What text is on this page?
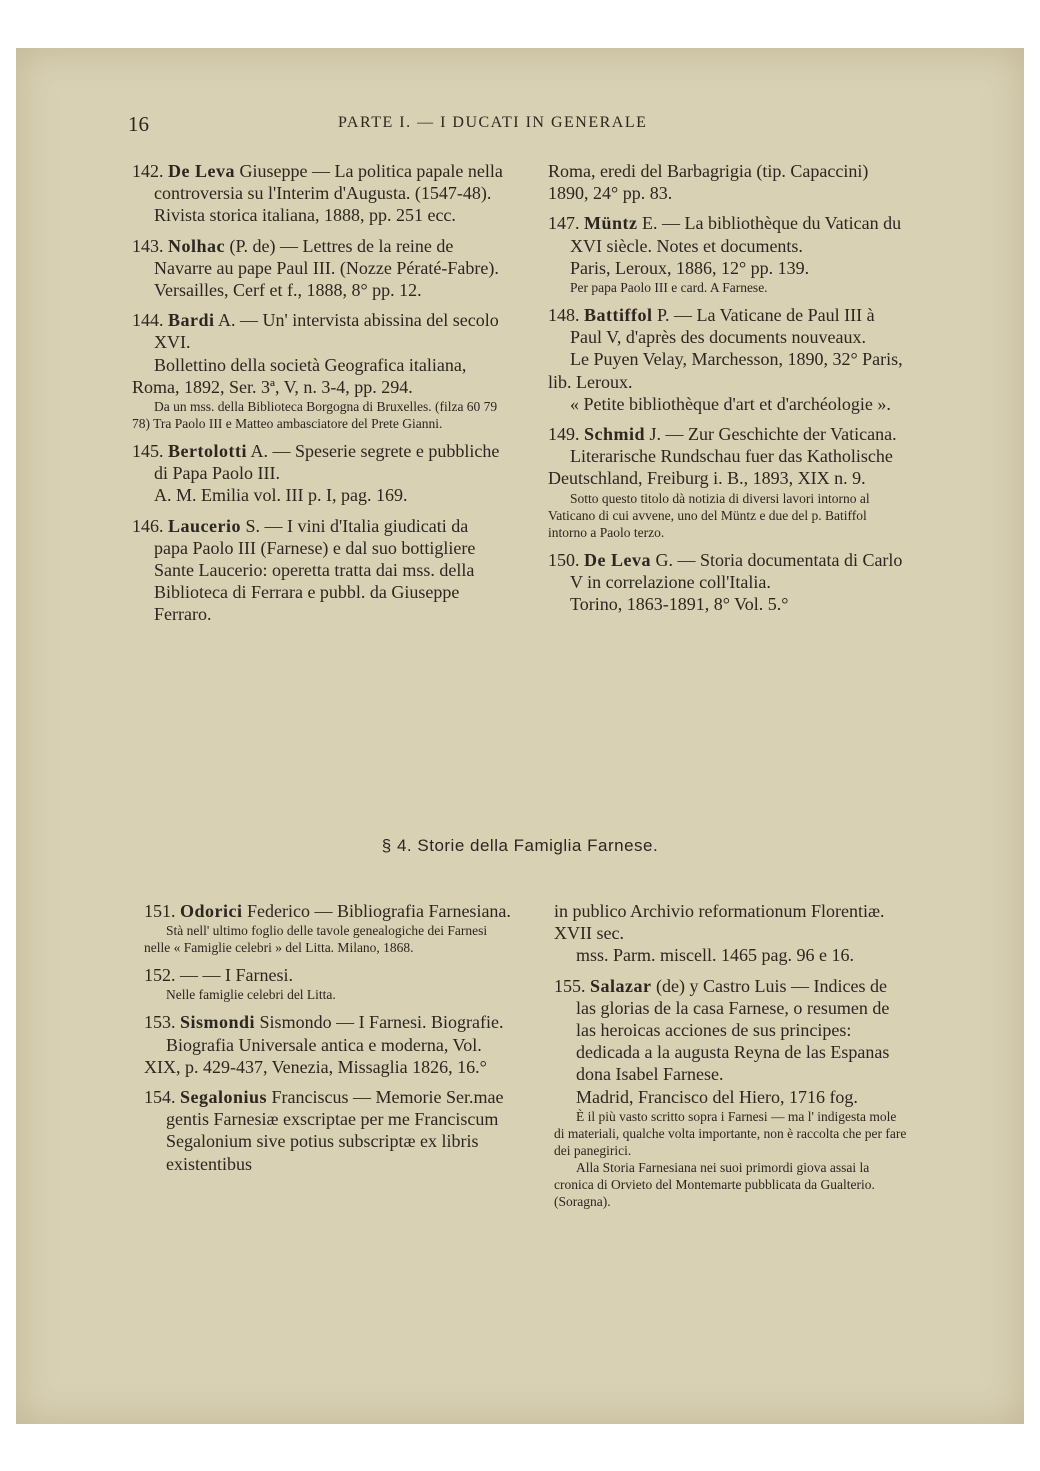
16	PARTE I. — I DUCATI IN GENERALE

142. De Leva Giuseppe — La politica papale nella controversia su l'Interim d'Augusta. (1547-48).

Rivista storica italiana, 1888, pp. 251 ecc.

143. Nolhac (P. de) — Lettres de la reine de Navarre au pape Paul III. (Nozze Pératé-Fabre).

Versailles, Cerf et f., 1888, 8° pp. 12.

144. Bardi A. — Un' intervista abissina del secolo XVI.

Bollettino della società Geografica italiana, Roma, 1892, Ser. 3ª, V, n. 3-4, pp. 294.

Da un mss. della Biblioteca Borgogna di Bruxelles. (filza 60 79 78) Tra Paolo III e Matteo ambasciatore del Prete Gianni.

145. Bertolotti A. — Speserie segrete e pubbliche di Papa Paolo III.

A. M. Emilia vol. III p. I, pag. 169.

146. Laucerio S. — I vini d'Italia giudicati da papa Paolo III (Farnese) e dal suo bottigliere Sante Laucerio: operetta tratta dai mss. della Biblioteca di Ferrara e pubbl. da Giuseppe Ferraro.

Roma, eredi del Barbagrigia (tip. Capaccini) 1890, 24° pp. 83.

147. Müntz E. — La bibliothèque du Vatican du XVI siècle. Notes et documents.

Paris, Leroux, 1886, 12° pp. 139.

Per papa Paolo III e card. A Farnese.

148. Battiffol P. — La Vaticane de Paul III à Paul V, d'après des documents nouveaux.

Le Puyen Velay, Marchesson, 1890, 32° Paris, lib. Leroux.

« Petite bibliothèque d'art et d'archéologie ».

149. Schmid J. — Zur Geschichte der Vaticana.

Literarische Rundschau fuer das Katholische Deutschland, Freiburg i. B., 1893, XIX n. 9.

Sotto questo titolo dà notizia di diversi lavori intorno al Vaticano di cui avvene, uno del Müntz e due del p. Batiffol intorno a Paolo terzo.

150. De Leva G. — Storia documentata di Carlo V in correlazione coll'Italia.

Torino, 1863-1891, 8° Vol. 5.°

§ 4. Storie della Famiglia Farnese.

151. Odorici Federico — Bibliografia Farnesiana.

Stà nell' ultimo foglio delle tavole genealogiche dei Farnesi nelle « Famiglie celebri » del Litta. Milano, 1868.

152. — — I Farnesi.

Nelle famiglie celebri del Litta.

153. Sismondi Sismondo — I Farnesi. Biografie.

Biografia Universale antica e moderna, Vol. XIX, p. 429-437, Venezia, Missaglia 1826, 16.°

154. Segalonius Franciscus — Memorie Ser.mae gentis Farnesiæ exscriptae per me Franciscum Segalonium sive potius subscriptæ ex libris existentibus

in publico Archivio reformationum Florentiæ. XVII sec.

mss. Parm. miscell. 1465 pag. 96 e 16.

155. Salazar (de) y Castro Luis — Indices de las glorias de la casa Farnese, o resumen de las heroicas acciones de sus principes: dedicada a la augusta Reyna de las Espanas dona Isabel Farnese.

Madrid, Francisco del Hiero, 1716 fog.

È il più vasto scritto sopra i Farnesi — ma l' indigesta mole di materiali, qualche volta importante, non è raccolta che per fare dei panegirici.

Alla Storia Farnesiana nei suoi primordi giova assai la cronica di Orvieto del Montemarte pubblicata da Gualterio. (Soragna).
